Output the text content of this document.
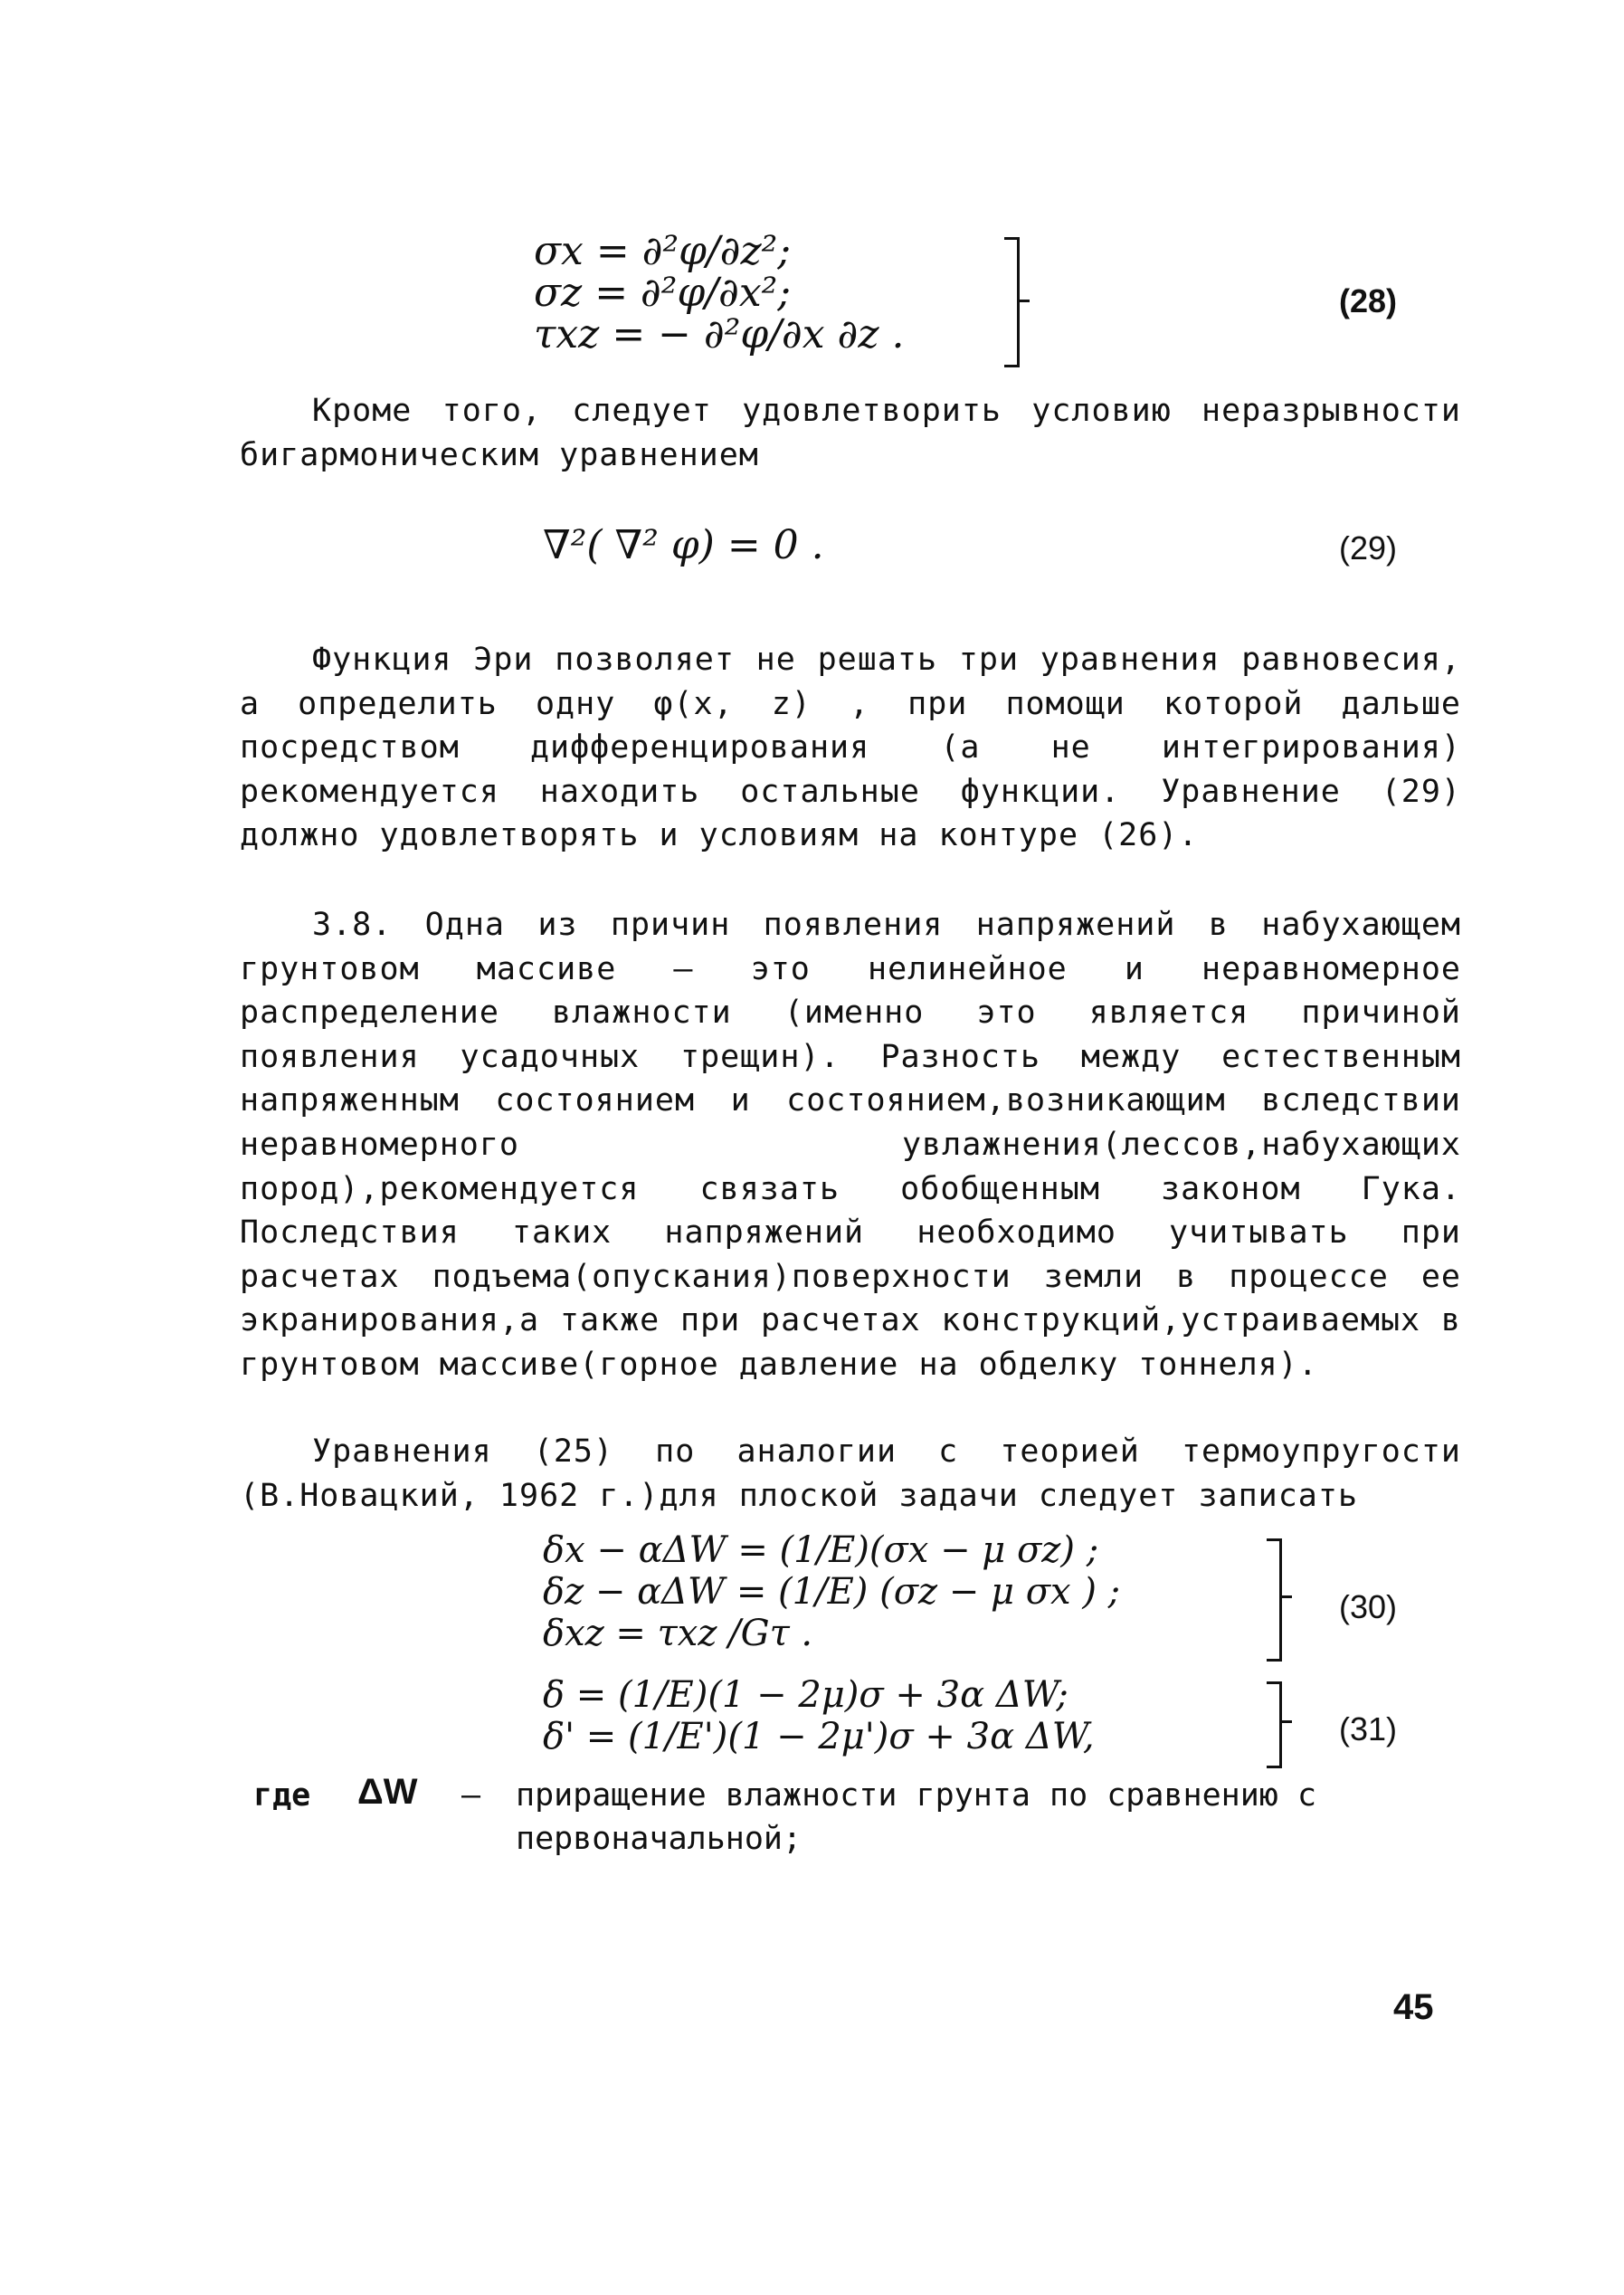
σx = ∂²φ/∂z²;
σz = ∂²φ/∂x²;
τxz = − ∂²φ/∂x ∂z .
(28)
Кроме того, следует удовлетворить условию неразрывности бигармоническим уравнением
∇²( ∇² φ) = 0 .	(29)
Функция Эри позволяет не решать три уравнения равновесия, а определить одну φ(x, z) , при помощи которой дальше посредством дифференцирования (а не интегрирования) рекомендуется находить остальные функции. Уравнение (29) должно удовлетворять и условиям на контуре (26).
3.8. Одна из причин появления напряжений в набухающем грунтовом массиве – это нелинейное и неравномерное распределение влажности (именно это является причиной появления усадочных трещин). Разность между естественным напряженным состоянием и состоянием,возникающим вследствии неравномерного увлажнения(лессов,набухающих пород),рекомендуется связать обобщенным законом Гука. Последствия таких напряжений необходимо учитывать при расчетах подъема(опускания)поверхности земли в процессе ее экранирования,а также при расчетах конструкций,устраиваемых в грунтовом массиве(горное давление на обделку тоннеля).
Уравнения (25) по аналогии с теорией термоупругости (В.Новацкий, 1962 г.)для плоской задачи следует записать
δx − αΔW = (1/E)(σx − μ σz) ;
δz − αΔW = (1/E) (σz − μ σx ) ;
δxz = τxz /Gτ .
(30)
δ = (1/E)(1 − 2μ)σ + 3α ΔW;
δ' = (1/E')(1 − 2μ')σ + 3α ΔW,	(31)
где ΔW – приращение влажности грунта по сравнению с первоначальной;
45
